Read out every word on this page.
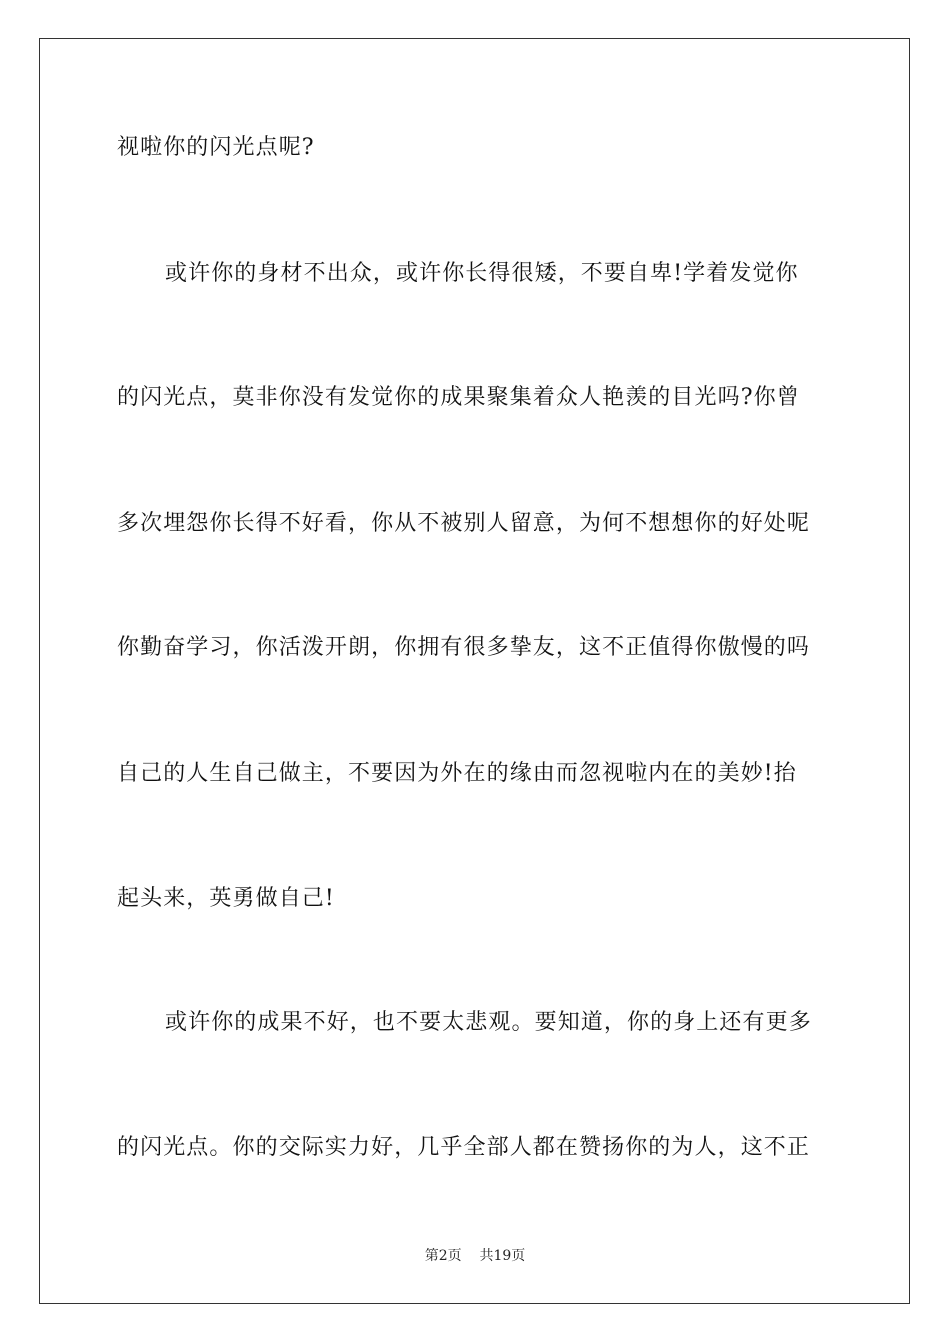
视啦你的闪光点呢?
或许你的身材不出众，或许你长得很矮，不要自卑!学着发觉你
的闪光点，莫非你没有发觉你的成果聚集着众人艳羡的目光吗?你曾
多次埋怨你长得不好看，你从不被别人留意，为何不想想你的好处呢
你勤奋学习，你活泼开朗，你拥有很多挚友，这不正值得你傲慢的吗
自己的人生自己做主，不要因为外在的缘由而忽视啦内在的美妙!抬
起头来，英勇做自己!
或许你的成果不好，也不要太悲观。要知道，你的身上还有更多
的闪光点。你的交际实力好，几乎全部人都在赞扬你的为人，这不正
第2页 共19页
